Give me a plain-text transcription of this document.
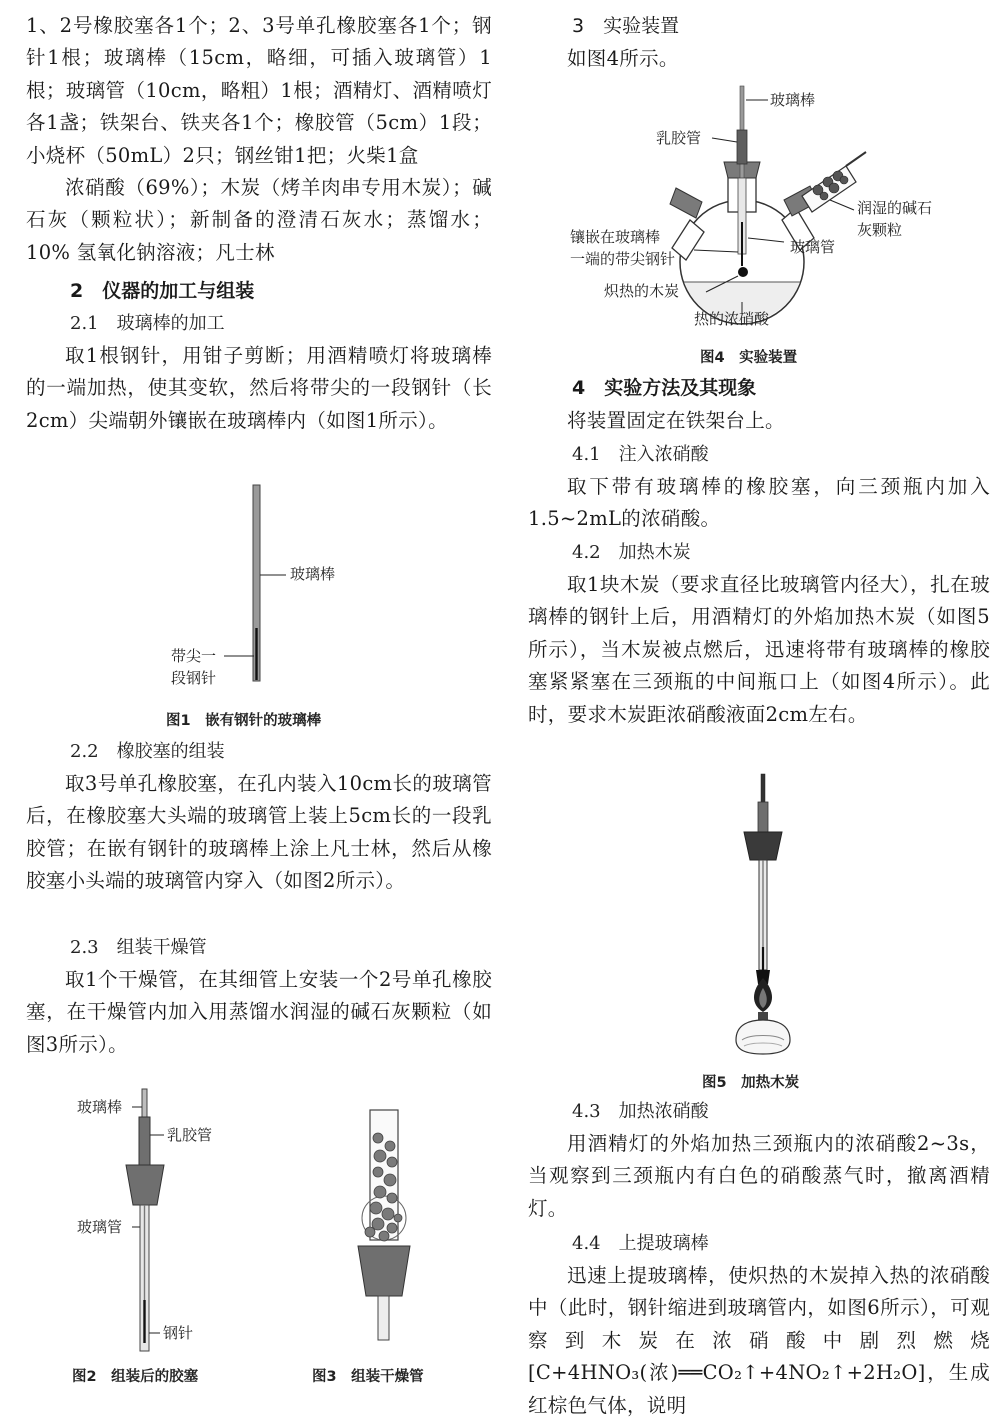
1、2号橡胶塞各1个；2、3号单孔橡胶塞各1个；钢针1根；玻璃棒（15cm，略细，可插入玻璃管）1根；玻璃管（10cm，略粗）1根；酒精灯、酒精喷灯各1盏；铁架台、铁夹各1个；橡胶管（5cm）1段；小烧杯（50mL）2只；钢丝钳1把；火柴1盒

浓硝酸（69%）；木炭（烤羊肉串专用木炭）；碱石灰（颗粒状）；新制备的澄清石灰水；蒸馏水；10% 氢氧化钠溶液；凡士林

2　仪器的加工与组装

2.1　玻璃棒的加工

取1根钢针，用钳子剪断；用酒精喷灯将玻璃棒的一端加热，使其变软，然后将带尖的一段钢针（长2cm）尖端朝外镶嵌在玻璃棒内（如图1所示）。

2.2　橡胶塞的组装

取3号单孔橡胶塞，在孔内装入10cm长的玻璃管后，在橡胶塞大头端的玻璃管上装上5cm长的一段乳胶管；在嵌有钢针的玻璃棒上涂上凡士林，然后从橡胶塞小头端的玻璃管内穿入（如图2所示）。

2.3　组装干燥管

取1个干燥管，在其细管上安装一个2号单孔橡胶塞，在干燥管内加入用蒸馏水润湿的碱石灰颗粒（如图3所示）。

玻璃棒
带尖一
段钢针
图1　嵌有钢针的玻璃棒
玻璃棒
乳胶管
玻璃管
钢针
图2　组装后的胶塞	图3　组装干燥管

3　实验装置

如图4所示。

4　实验方法及其现象

将装置固定在铁架台上。

4.1　注入浓硝酸

取下带有玻璃棒的橡胶塞，向三颈瓶内加入1.5~2mL的浓硝酸。

4.2　加热木炭

取1块木炭（要求直径比玻璃管内径大），扎在玻璃棒的钢针上后，用酒精灯的外焰加热木炭（如图5所示），当木炭被点燃后，迅速将带有玻璃棒的橡胶塞紧紧塞在三颈瓶的中间瓶口上（如图4所示）。此时，要求木炭距浓硝酸液面2cm左右。

4.3　加热浓硝酸

用酒精灯的外焰加热三颈瓶内的浓硝酸2~3s，当观察到三颈瓶内有白色的硝酸蒸气时，撤离酒精灯。

4.4　上提玻璃棒

迅速上提玻璃棒，使炽热的木炭掉入热的浓硝酸中（此时，钢针缩进到玻璃管内，如图6所示），可观察到木炭在浓硝酸中剧烈燃烧[C+4HNO₃(浓)══CO₂↑+4NO₂↑+2H₂O]，生成红棕色气体，说明

玻璃棒
乳胶管
润湿的碱石
灰颗粒
镶嵌在玻璃棒
一端的带尖钢针
玻璃管
炽热的木炭
热的浓硝酸
图4　实验装置
图5　加热木炭
